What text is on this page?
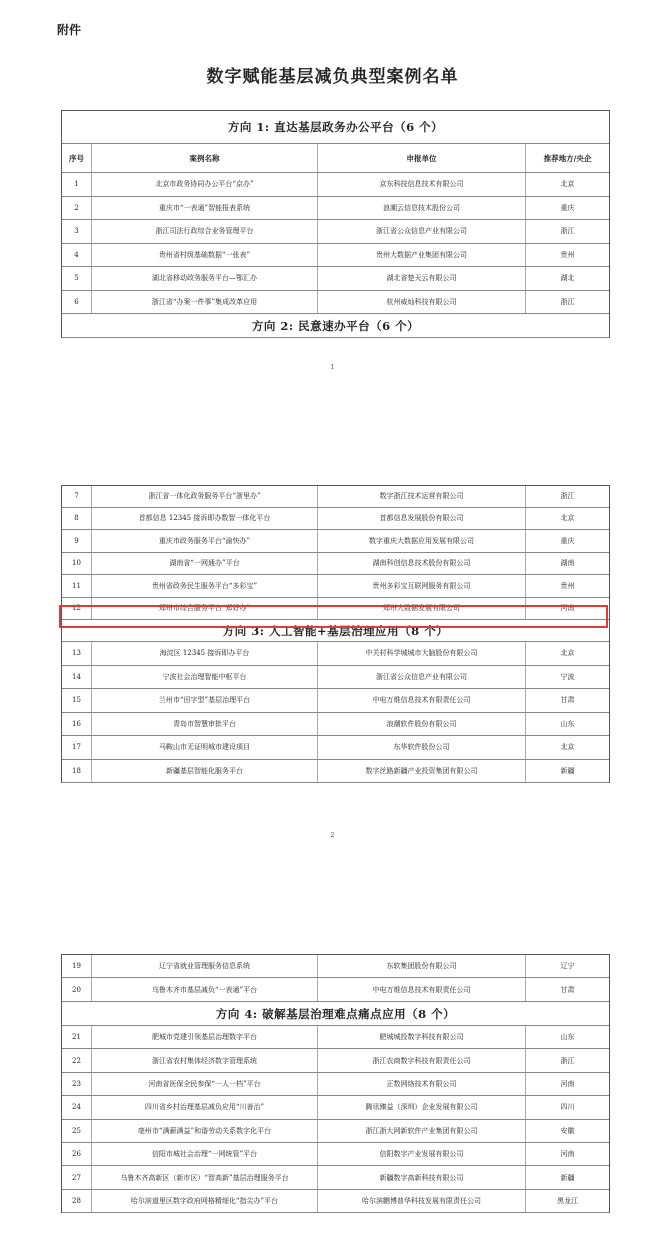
附件
数字赋能基层减负典型案例名单
方向 1: 直达基层政务办公平台（6 个）
序号	案例名称	申报单位	推荐地方/央企
1	北京市政务协同办公平台“京办”	京东科技信息技术有限公司	北京
2	重庆市“一表通”智能报表系统	浪潮云信息技术股份公司	重庆
3	浙江司法行政综合业务管理平台	浙江省公众信息产业有限公司	浙江
4	贵州省村级基础数据“一张表”	贵州大数据产业集团有限公司	贵州
5	湖北省移动政务服务平台—鄂汇办	湖北省楚天云有限公司	湖北
6	浙江省“办案一件事”集成改革应用	杭州威灿科技有限公司	浙江
方向 2: 民意速办平台（6 个）
1
7	浙江省一体化政务服务平台“浙里办”	数字浙江技术运营有限公司	浙江
8	首都信息 12345 接诉即办数智一体化平台	首都信息发展股份有限公司	北京
9	重庆市政务服务平台“渝快办”	数字重庆大数据应用发展有限公司	重庆
10	湖南省“一网通办”平台	湖南科创信息技术股份有限公司	湖南
11	贵州省政务民生服务平台“多彩宝”	贵州多彩宝互联网服务有限公司	贵州
12	郑州市综合服务平台“郑好办”	郑州大数据发展有限公司	河南
方向 3: 人工智能+基层治理应用（8 个）
13	海淀区 12345 接诉即办平台	中关村科学城城市大脑股份有限公司	北京
14	宁波社会治理智能中枢平台	浙江省公众信息产业有限公司	宁波
15	兰州市“田字型”基层治理平台	中电万维信息技术有限责任公司	甘肃
16	青岛市智慧审批平台	浪潮软件股份有限公司	山东
17	马鞍山市无证明城市建设项目	东华软件股份公司	北京
18	新疆基层智能化服务平台	数字丝路新疆产业投资集团有限公司	新疆
2
19	辽宁省就业管理服务信息系统	东软集团股份有限公司	辽宁
20	乌鲁木齐市基层减负“一表通”平台	中电万维信息技术有限责任公司	甘肃
方向 4: 破解基层治理难点痛点应用（8 个）
21	肥城市党建引领基层治理数字平台	肥城城投数字科技有限公司	山东
22	浙江省农村集体经济数字管理系统	浙江农商数字科技有限责任公司	浙江
23	河南省医保全民参保“一人一档”平台	正数网络技术有限公司	河南
24	四川省乡村治理基层减负应用“川善治”	腾讯臻益（深圳）企业发展有限公司	四川
25	亳州市“满薪满益”和谐劳动关系数字化平台	浙江浙大网新软件产业集团有限公司	安徽
26	信阳市城社会治理“一网统管”平台	信阳数字产业发展有限公司	河南
27	乌鲁木齐高新区（新市区）“智高新”基层治理服务平台	新疆数字高新科技有限公司	新疆
28	哈尔滨道里区数字政府网格精细化“指尖办”平台	哈尔滨鹏博普华科技发展有限责任公司	黑龙江
